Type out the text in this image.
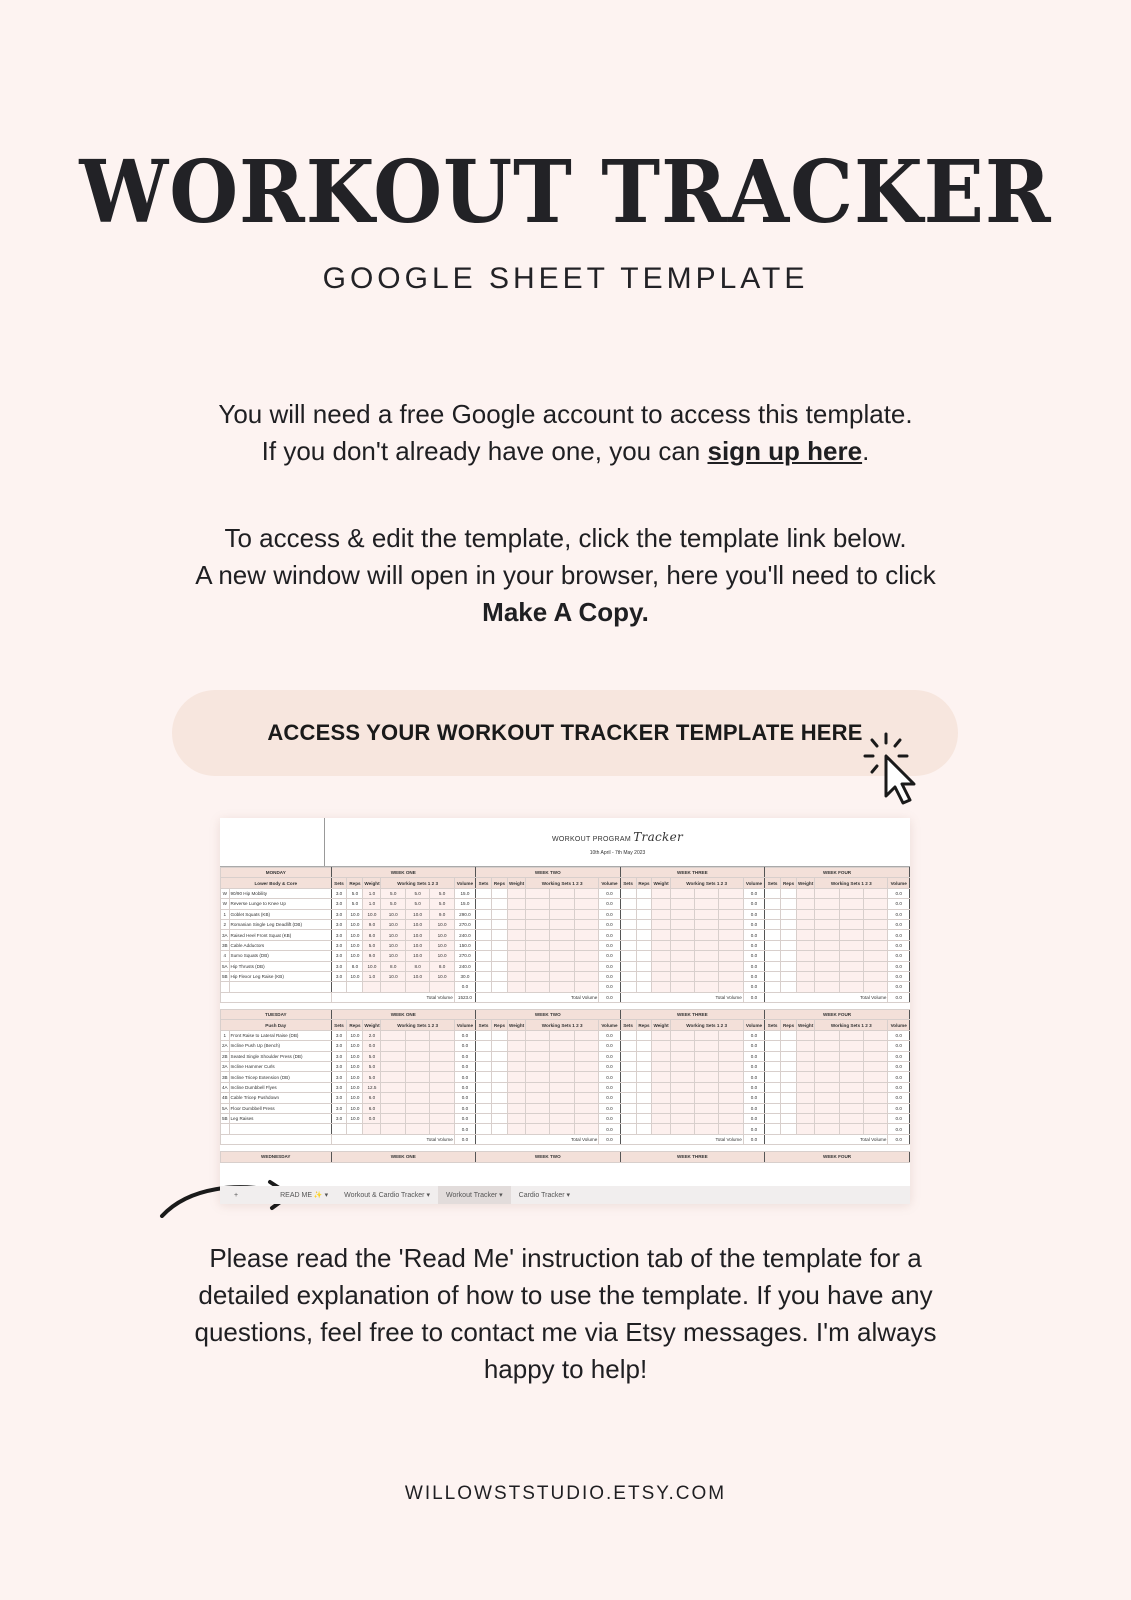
WORKOUT TRACKER
GOOGLE SHEET TEMPLATE
You will need a free Google account to access this template.
If you don't already have one, you can sign up here.
To access & edit the template, click the template link below.
A new window will open in your browser, here you'll need to click
Make A Copy.
ACCESS YOUR WORKOUT TRACKER TEMPLATE HERE
WORKOUT PROGRAM Tracker
10th April - 7th May 2023
MONDAY		WEEK ONE							WEEK TWO							WEEK THREE							WEEK FOUR						
Lower Body & Core		Sets	Reps	Weight	Working Sets 1 2 3			Volume	Sets	Reps	Weight	Working Sets 1 2 3			Volume	Sets	Reps	Weight	Working Sets 1 2 3			Volume	Sets	Reps	Weight	Working Sets 1 2 3			Volume
W	90/90 Hip Mobility	3.0	5.0	1.0	5.0	5.0	5.0	15.0							0.0							0.0							0.0
W	Reverse Lunge to Knee Up	3.0	5.0	1.0	5.0	5.0	5.0	15.0							0.0							0.0							0.0
1	Goblet Squats (KB)	3.0	10.0	10.0	10.0	10.0	9.0	290.0							0.0							0.0							0.0
2	Romanian Single Leg Deadlift (DB)	3.0	10.0	9.0	10.0	10.0	10.0	270.0							0.0							0.0							0.0
3A	Raised Heel Front Squat (KB)	3.0	10.0	8.0	10.0	10.0	10.0	240.0							0.0							0.0							0.0
3B	Cable Adductors	3.0	10.0	5.0	10.0	10.0	10.0	150.0							0.0							0.0							0.0
4	Sumo Squats (DB)	3.0	10.0	9.0	10.0	10.0	10.0	270.0							0.0							0.0							0.0
5A	Hip Thrusts (DB)	3.0	8.0	10.0	8.0	8.0	8.0	240.0							0.0							0.0							0.0
5B	Hip Flexor Leg Raise (KB)	3.0	10.0	1.0	10.0	10.0	10.0	30.0							0.0							0.0							0.0
								0.0							0.0							0.0							0.0
		Total Volume						1523.0	Total Volume						0.0	Total Volume						0.0	Total Volume						0.0

TUESDAY		WEEK ONE							WEEK TWO							WEEK THREE							WEEK FOUR						
Push Day		Sets	Reps	Weight	Working Sets 1 2 3			Volume	Sets	Reps	Weight	Working Sets 1 2 3			Volume	Sets	Reps	Weight	Working Sets 1 2 3			Volume	Sets	Reps	Weight	Working Sets 1 2 3			Volume
1	Front Raise to Lateral Raise (DB)	3.0	10.0	2.0				0.0							0.0							0.0							0.0
2A	Incline Push Up (Bench)	3.0	10.0	0.0				0.0							0.0							0.0							0.0
2B	Seated Single Shoulder Press (DB)	3.0	10.0	5.0				0.0							0.0							0.0							0.0
3A	Incline Hammer Curls	3.0	10.0	5.0				0.0							0.0							0.0							0.0
3B	Incline Tricep Extension (DB)	3.0	10.0	5.0				0.0							0.0							0.0							0.0
4A	Incline Dumbbell Flyes	3.0	10.0	12.5				0.0							0.0							0.0							0.0
4B	Cable Tricep Pushdown	3.0	10.0	6.0				0.0							0.0							0.0							0.0
5A	Floor Dumbbell Press	3.0	10.0	6.0				0.0							0.0							0.0							0.0
5B	Leg Raises	3.0	10.0	0.0				0.0							0.0							0.0							0.0
								0.0							0.0							0.0							0.0
		Total Volume						0.0	Total Volume						0.0	Total Volume						0.0	Total Volume						0.0

WEDNESDAY		WEEK ONE							WEEK TWO							WEEK THREE							WEEK FOUR						
+	READ ME ✨ ▾	Workout & Cardio Tracker ▾	Workout Tracker ▾	Cardio Tracker ▾
Please read the 'Read Me' instruction tab of the template for a
detailed explanation of how to use the template. If you have any
questions, feel free to contact me via Etsy messages. I'm always
happy to help!
WILLOWSTSTUDIO.ETSY.COM
